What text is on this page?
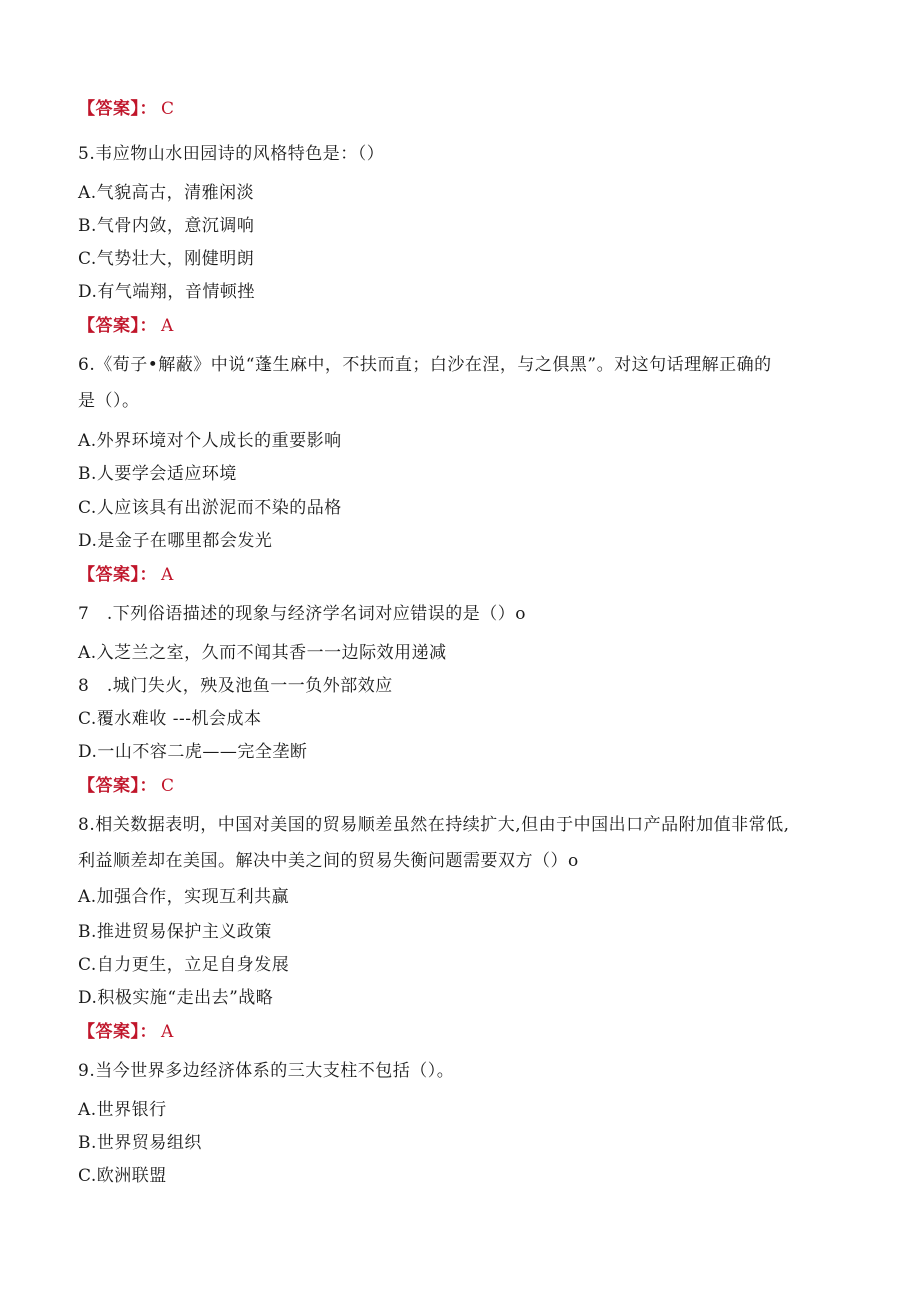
【答案】： C
5.韦应物山水田园诗的风格特色是：（）
A.气貌高古，清雅闲淡
B.气骨内敛，意沉调响
C.气势壮大，刚健明朗
D.有气端翔，音情顿挫
【答案】： A
6.《荀子•解蔽》中说“蓬生麻中，不扶而直；白沙在涅，与之俱黑”。对这句话理解正确的
是（）。
A.外界环境对个人成长的重要影响
B.人要学会适应环境
C.人应该具有出淤泥而不染的品格
D.是金子在哪里都会发光
【答案】： A
7　.下列俗语描述的现象与经济学名词对应错误的是（）o
A.入芝兰之室，久而不闻其香一一边际效用递减
8　.城门失火，殃及池鱼一一负外部效应
C.覆水难收 ---机会成本
D.一山不容二虎——完全垄断
【答案】： C
8.相关数据表明，中国对美国的贸易顺差虽然在持续扩大,但由于中国出口产品附加值非常低,
利益顺差却在美国。解决中美之间的贸易失衡问题需要双方（）o
A.加强合作，实现互利共赢
B.推进贸易保护主义政策
C.自力更生，立足自身发展
D.积极实施“走出去”战略
【答案】： A
9.当今世界多边经济体系的三大支柱不包括（）。
A.世界银行
B.世界贸易组织
C.欧洲联盟
